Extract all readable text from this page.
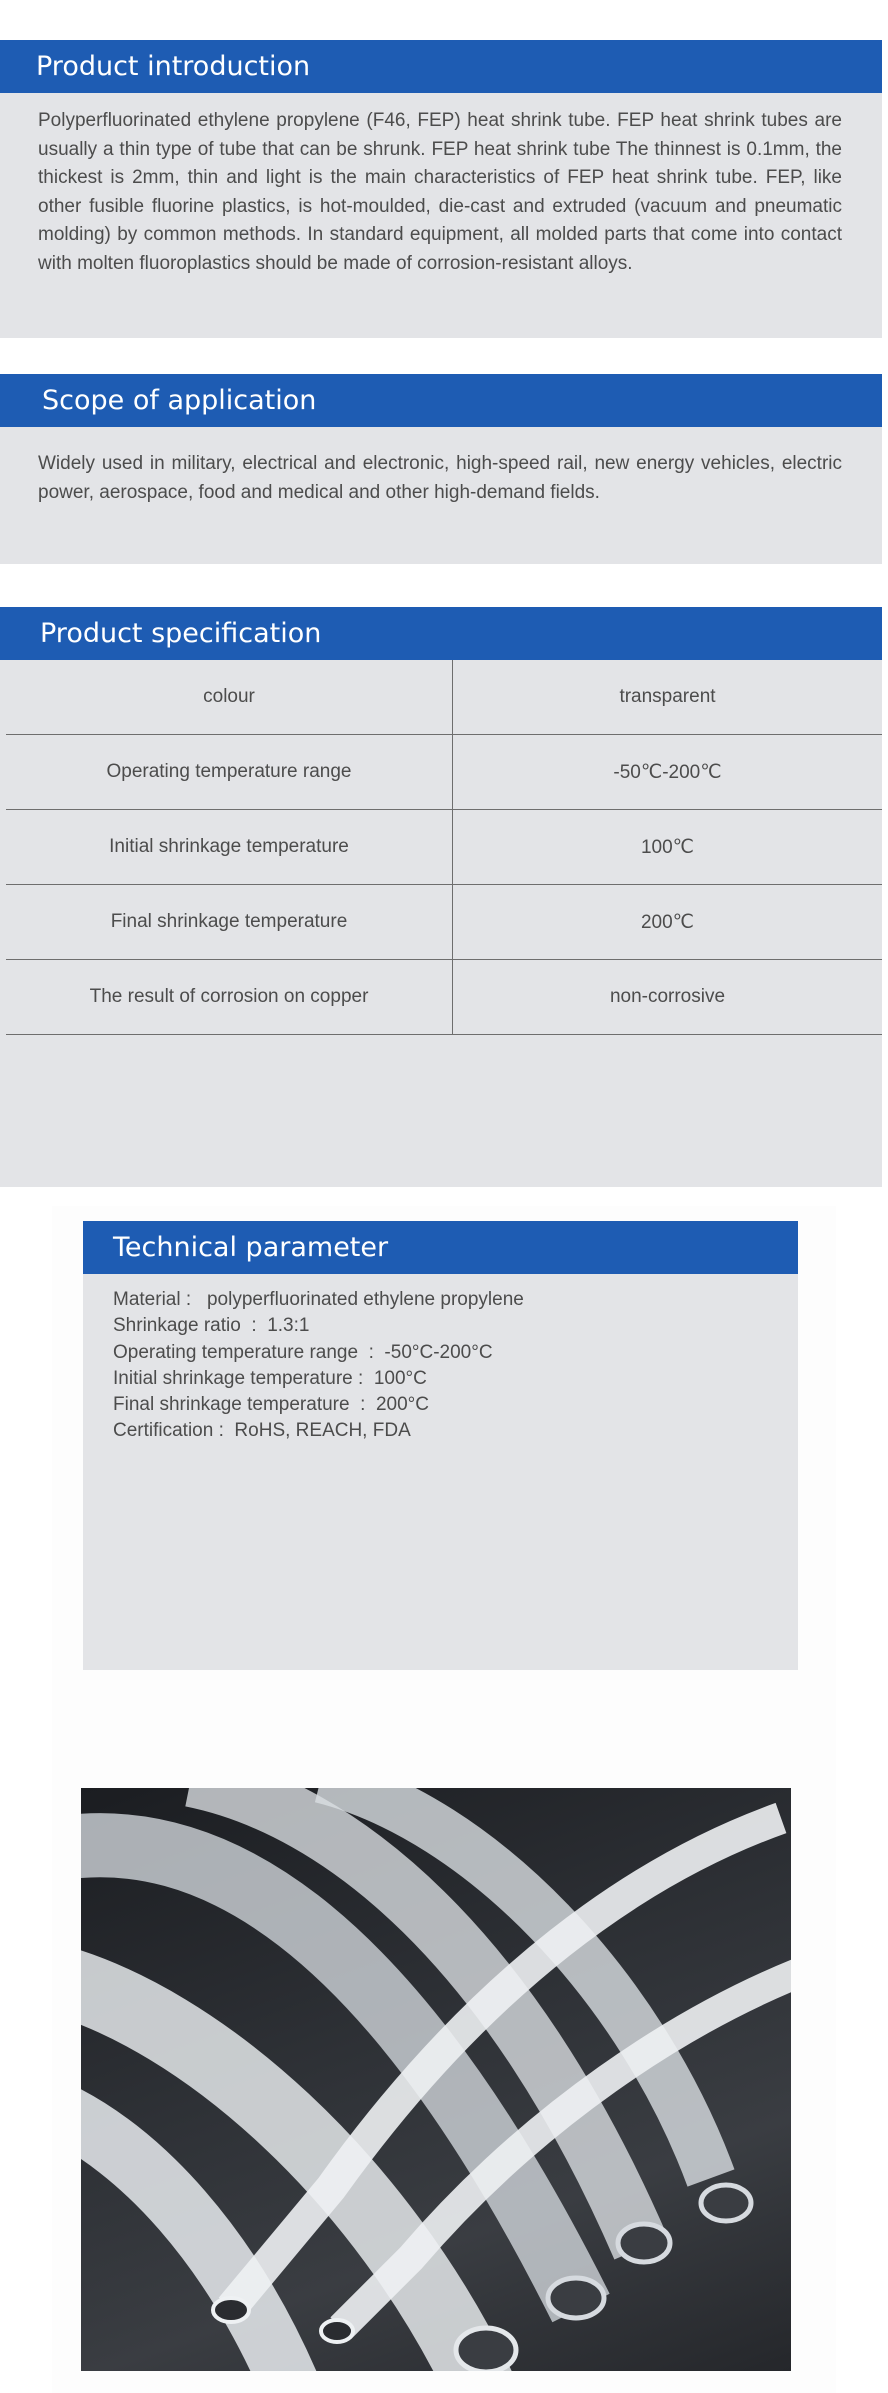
Product introduction

Polyperfluorinated ethylene propylene (F46, FEP) heat shrink tube. FEP heat shrink tubes are usually a thin type of tube that can be shrunk. FEP heat shrink tube The thinnest is 0.1mm, the thickest is 2mm, thin and light is the main characteristics of FEP heat shrink tube. FEP, like other fusible fluorine plastics, is hot-moulded, die-cast and extruded (vacuum and pneumatic molding) by common methods. In standard equipment, all molded parts that come into contact with molten fluoroplastics should be made of corrosion-resistant alloys.

Scope of application

Widely used in military, electrical and electronic, high-speed rail, new energy vehicles, electric power, aerospace, food and medical and other high-demand fields.

Product specification
colour	transparent
Operating temperature range	-50℃-200℃
Initial shrinkage temperature	100℃
Final shrinkage temperature	200℃
The result of corrosion on copper	non-corrosive
Technical parameter
Material :   polyperfluorinated ethylene propylene
Shrinkage ratio  :  1.3:1
Operating temperature range  :  -50°C-200°C
Initial shrinkage temperature :  100°C
Final shrinkage temperature  :  200°C
Certification :  RoHS, REACH, FDA
